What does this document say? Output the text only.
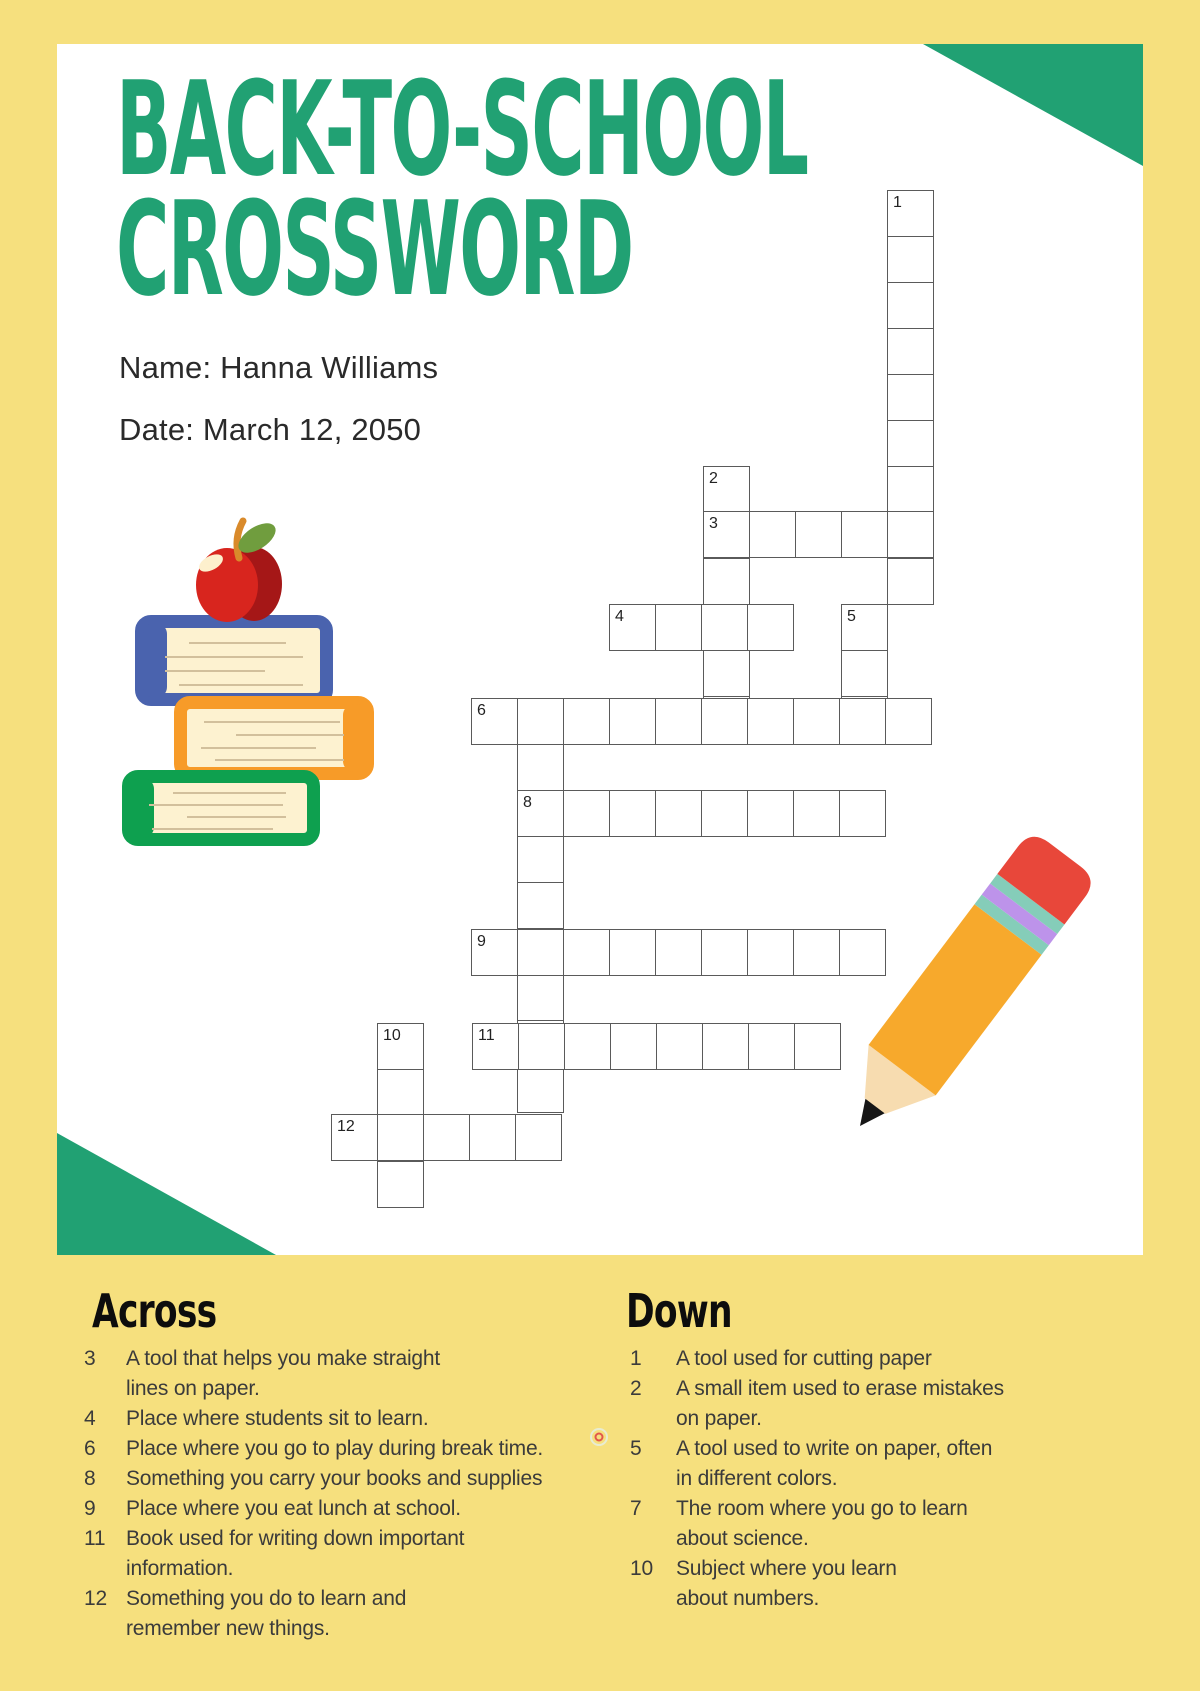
BACK-TO-SCHOOL
CROSSWORD
Name: Hanna Williams
Date: March 12, 2050
1
2
3
4	5
6
8
9
10	11
12
Across
3	A tool that helps you make straight
lines on paper.
4	Place where students sit to learn.
6	Place where you go to play during break time.
8	Something you carry your books and supplies
9	Place where you eat lunch at school.
11 Book used for writing down important
information.
12 Something you do to learn and
remember new things.
Down
1	A tool used for cutting paper
2	A small item used to erase mistakes
on paper.
5	A tool used to write on paper, often
in different colors.
7	The room where you go to learn
about science.
10	Subject where you learn
about numbers.
